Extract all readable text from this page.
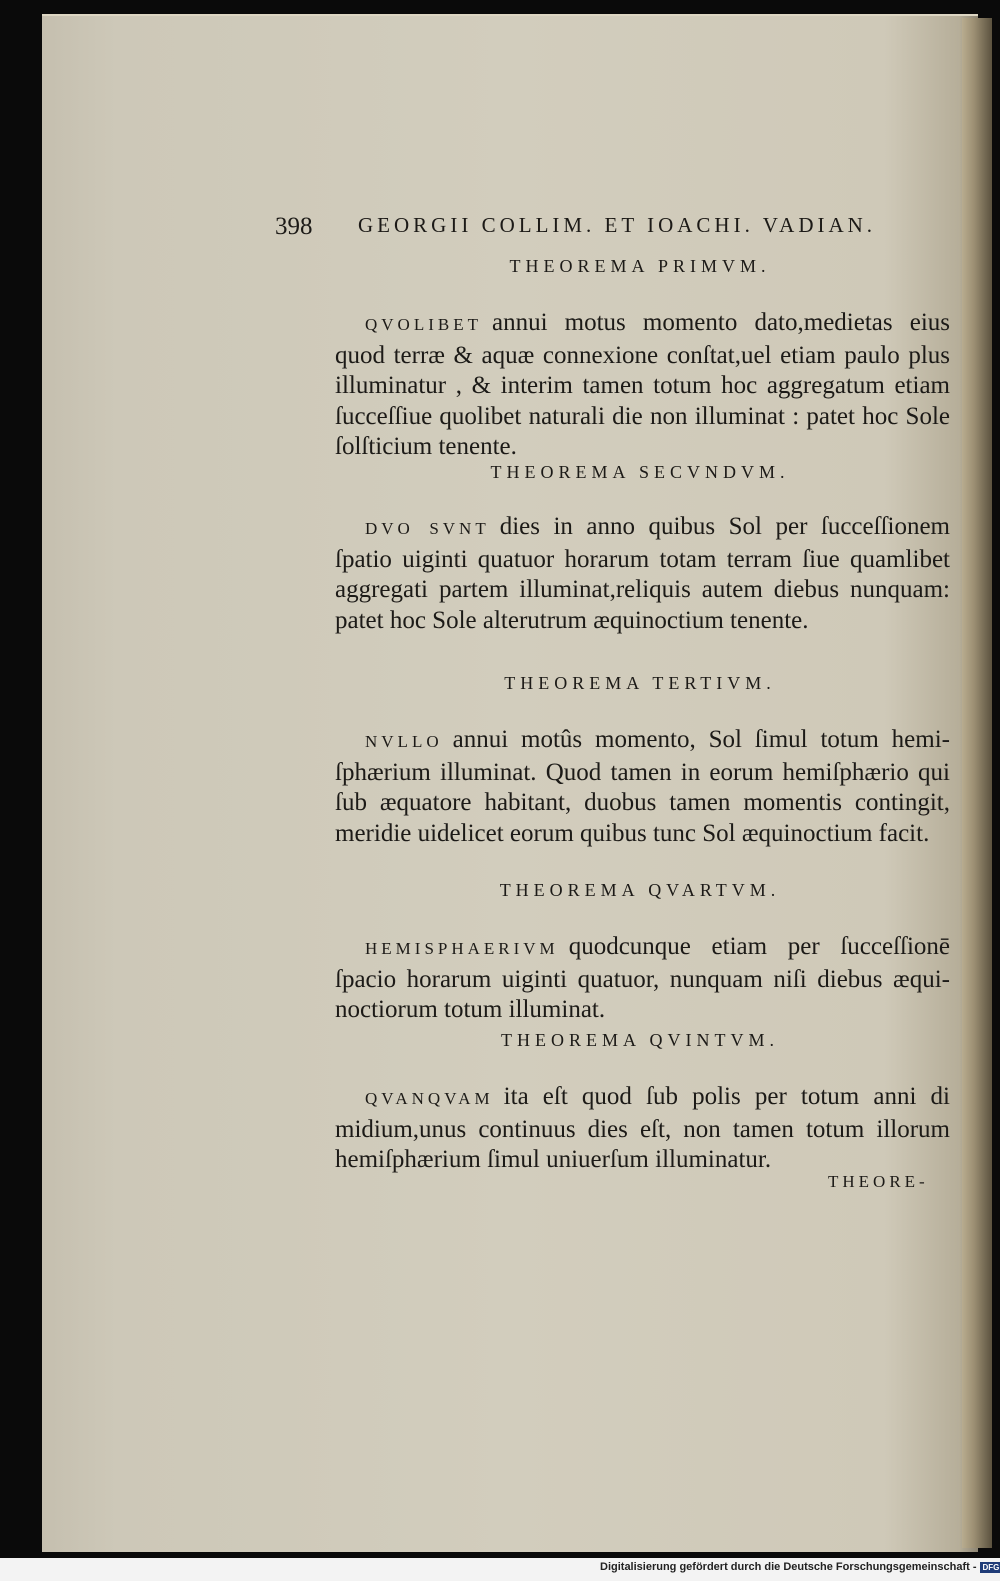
398 GEORGII COLLIM. ET IOACHI. VADIAN.
THEOREMA PRIMVM.
QVOLIBET annui motus momento dato,medietas eius
quod terræ & aquæ connexione conſtat,uel etiam paulo plus
illuminatur , & interim tamen totum hoc aggregatum etiam
ſucceſſiue quolibet naturali die non illuminat : patet hoc Sole
ſolſticium tenente.
THEOREMA SECVNDVM.
DVO SVNT dies in anno quibus Sol per ſucceſſionem
ſpatio uiginti quatuor horarum totam terram ſiue quamlibet
aggregati partem illuminat,reliquis autem diebus nunquam:
patet hoc Sole alterutrum æquinoctium tenente.
THEOREMA TERTIVM.
NVLLO annui motûs momento, Sol ſimul totum hemi-
ſphærium illuminat. Quod tamen in eorum hemiſphærio qui
ſub æquatore habitant, duobus tamen momentis contingit,
meridie uidelicet eorum quibus tunc Sol æquinoctium facit.
THEOREMA QVARTVM.
HEMISPHAERIVM quodcunque etiam per ſucceſſionē
ſpacio horarum uiginti quatuor, nunquam niſi diebus æqui-
noctiorum totum illuminat.
THEOREMA QVINTVM.
QVANQVAM ita eſt quod ſub polis per totum anni di
midium,unus continuus dies eſt, non tamen totum illorum
hemiſphærium ſimul uniuerſum illuminatur.
THEORE-
Digitalisierung gefördert durch die Deutsche Forschungsgemeinschaft - DFG
